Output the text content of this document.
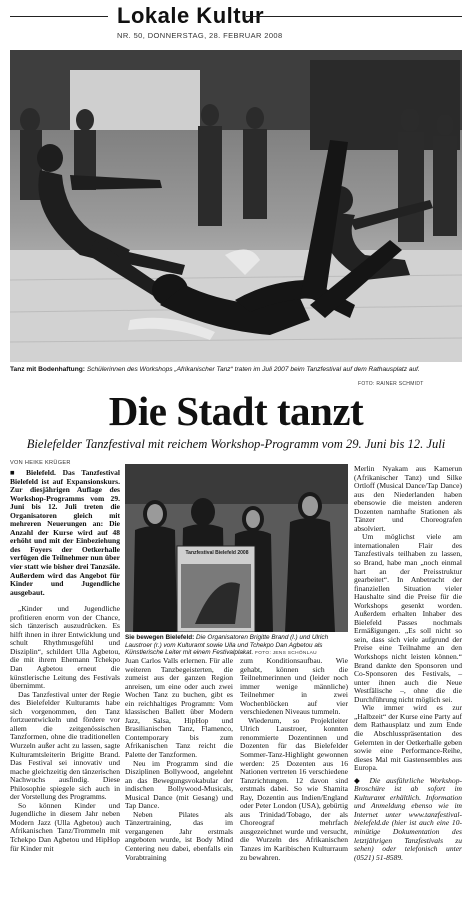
Lokale Kultur
NR. 50, DONNERSTAG, 28. FEBRUAR 2008
Tanz mit Bodenhaftung: Schülerinnen des Workshops „Afrikanischer Tanz“ traten im Juli 2007 beim Tanzfestival auf dem Rathausplatz auf.
FOTO: RAINER SCHMIDT
Die Stadt tanzt
Bielefelder Tanzfestival mit reichem Workshop-Programm vom 29. Juni bis 12. Juli
VON HEIKE KRÜGER

■ Bielefeld. Das Tanzfestival Bielefeld ist auf Expansionskurs. Zur diesjährigen Auflage des Workshop-Programms vom 29. Juni bis 12. Juli treten die Organisatoren gleich mit mehreren Neuerungen an: Die Anzahl der Kurse wird auf 48 erhöht und mit der Einbeziehung des Foyers der Oetkerhalle verfügen die Teilnehmer nun über vier statt wie bisher drei Tanzsäle. Außerdem wird das Angebot für Kinder und Jugendliche ausgebaut.

„Kinder und Jugendliche profitieren enorm von der Chance, sich tänzerisch auszudrücken. Es hilft ihnen in ihrer Entwicklung und schult Rhythmusgefühl und Disziplin“, schildert Ulla Agbetou, die mit ihrem Ehemann Tchekpo Dan Agbetou erneut die künstlerische Leitung des Festivals übernimmt.

Das Tanzfestival unter der Regie des Bielefelder Kulturamts habe sich vorgenommen, den Tanz fortzuentwickeln und fördere vor allem die zeitgenössischen Tanzformen, ohne die traditionellen Wurzeln außer acht zu lassen, sagte Kulturamtsleiterin Brigitte Brand. Das Festival sei innovativ und mache gleichzeitig den tänzerischen Nachwuchs ausfindig. Diese Philosophie spiegele sich auch in der Vorstellung des Programms.

So können Kinder und Jugendliche in diesem Jahr neben Modern Jazz (Ulla Agbetou) auch Afrikanischen Tanz/Trommeln mit Tchekpo Dan Agbetou und HipHop für Kinder mit

Tanzfestival Bielefeld 2008
Sie bewegen Bielefeld: Die Organisatoren Brigitte Brand (l.) und Ulrich Laustroer (r.) vom Kulturamt sowie Ulla und Tchekpo Dan Agbetou als Künstlerische Leiter mit einem Festivalplakat. FOTO: JENS SCHÖNLAU

Juan Carlos Valls erlernen. Für alle weiteren Tanzbegeisterten, die zumeist aus der ganzen Region anreisen, um eine oder auch zwei Wochen Tanz zu buchen, gibt es ein reichhaltiges Programm: Vom klassischen Ballett über Modern Jazz, Salsa, HipHop und Brasilianischen Tanz, Flamenco, Contemporary bis zum Afrikanischen Tanz reicht die Palette der Tanzformen.

Neu im Programm sind die Disziplinen Bollywood, angelehnt an das Bewegungsvokabular der indischen Bollywood-Musicals, Musical Dance (mit Gesang) und Tap Dance.

Neben Pilates als Tänzertraining, das im vergangenen Jahr erstmals angeboten wurde, ist Body Mind Centering neu dabei, ebenfalls ein Vorabtraining

zum Konditionsaufbau. Wie gehabt, können sich die Teilnehmerinnen und (leider noch immer wenige männliche) Teilnehmer in zwei Wochenblöcken auf vier verschiedenen Niveaus tummeln.

Wiederum, so Projektleiter Ulrich Laustroer, konnten renommierte Dozentinnen und Dozenten für das Bielefelder Sommer-Tanz-Highlight gewonnen werden: 25 Dozenten aus 16 Nationen vertreten 16 verschiedene Tanzrichtungen. 12 davon sind erstmals dabei. So wie Shamita Ray, Dozentin aus Indien/England oder Peter London (USA), gebürtig aus Trinidad/Tobago, der als Choreograf mehrfach ausgezeichnet wurde und versucht, die Wurzeln des Afrikanischen Tanzes im Karibischen Kulturraum zu bewahren.

Merlin Nyakam aus Kamerun (Afrikanischer Tanz) und Silke Ortloff (Musical Dance/Tap Dance) aus den Niederlanden haben ebensowie die meisten anderen Dozenten namhafte Stationen als Tänzer und Choreografen absolviert.

Um möglichst viele am internationalen Flair des Tanzfestivals teilhaben zu lassen, so Brand, habe man „noch einmal hart an der Preisstruktur gearbeitet“. In Anbetracht der finanziellen Situation vieler Haushalte sind die Preise für die Workshops gesenkt worden. Außerdem erhalten Inhaber des Bielefeld Passes nochmals Ermäßigungen. „Es soll nicht so sein, dass sich viele aufgrund der Preise eine Teilnahme an den Workshops nicht leisten können.“ Brand dankte den Sponsoren und Co-Sponsoren des Festivals, – unter ihnen auch die Neue Westfälische –, ohne die die Durchführung nicht möglich sei.

Wie immer wird es zur „Halbzeit“ der Kurse eine Party auf dem Rathausplatz und zum Ende die Abschlusspräsentation des Gelernten in der Oetkerhalle geben sowie eine Performance-Reihe, dieses Mal mit Gastensembles aus Europa.

◆ Die ausführliche Workshop-Broschüre ist ab sofort im Kulturamt erhältlich. Information und Anmeldung ebenso wie im Internet unter www.tanzfestival-bielefeld.de (hier ist auch eine 10-minütige Dokumentation des letztjährigen Tanzfestivals zu sehen) oder telefonisch unter (0521) 51-8589.
